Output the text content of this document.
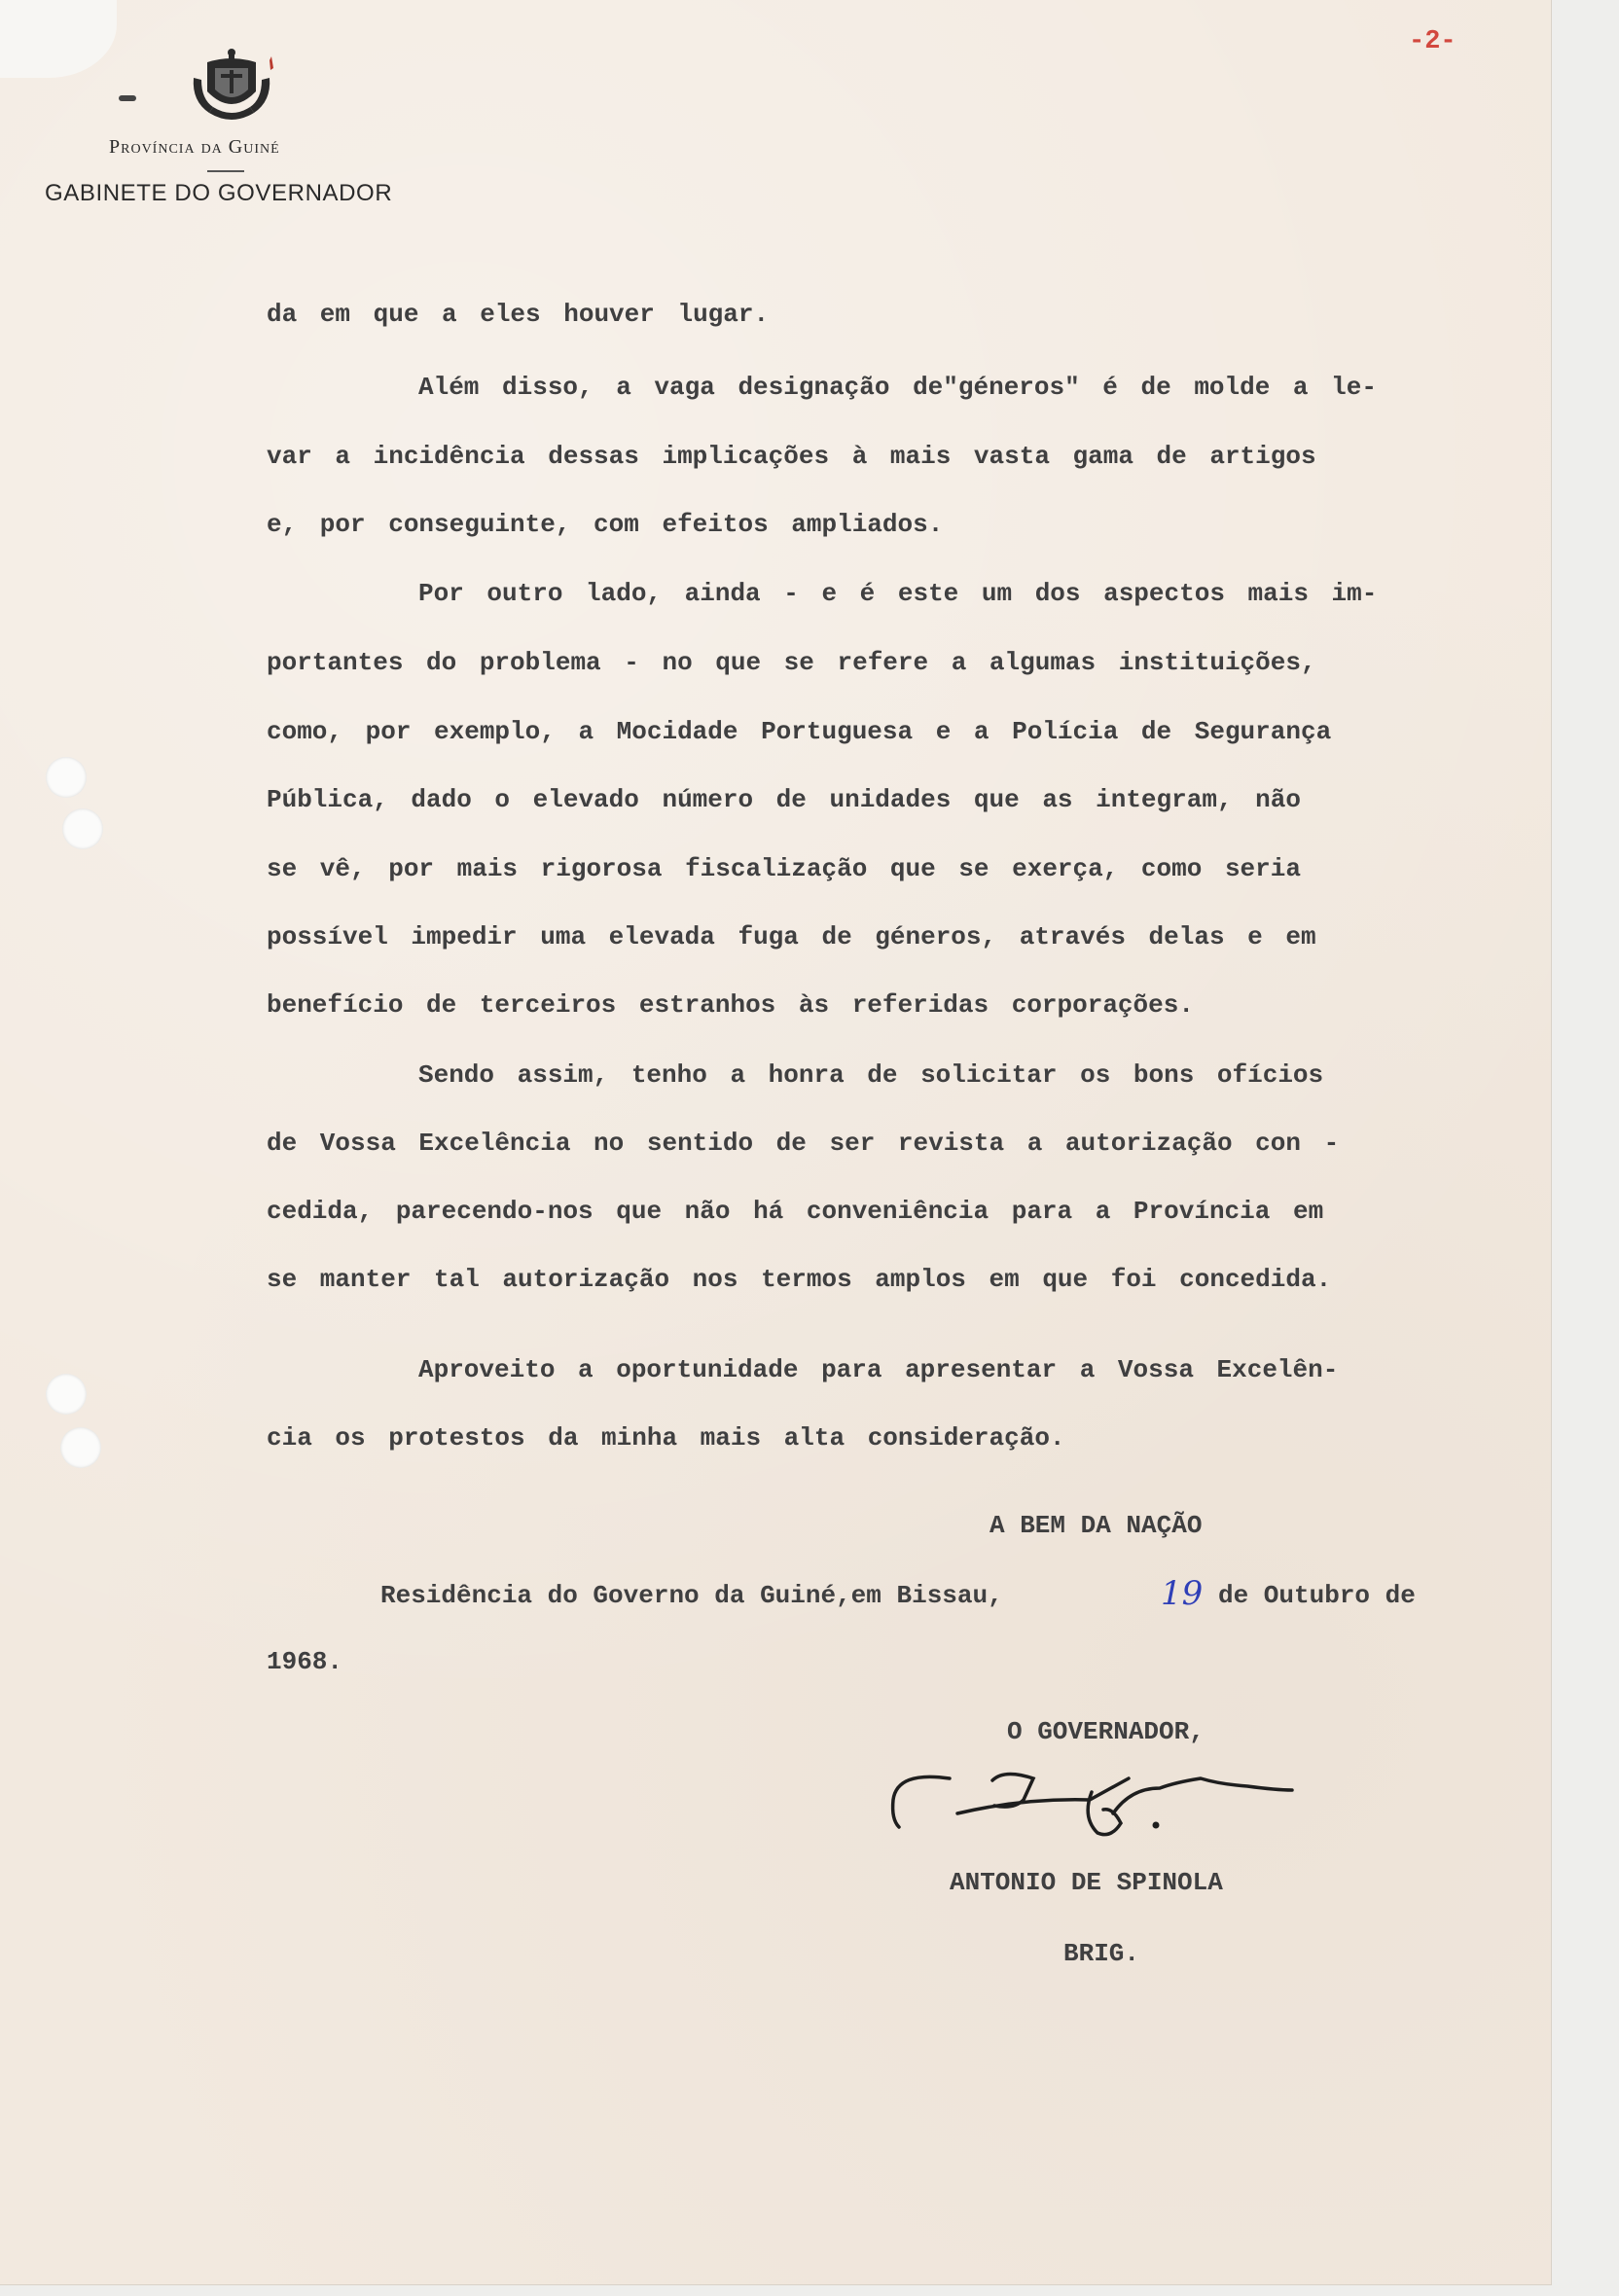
Província da Guiné
GABINETE DO GOVERNADOR
-2-
da em que a eles houver lugar.
Além disso, a vaga designação de"géneros" é de molde a le-
var a incidência dessas implicações à mais vasta gama de artigos
e, por conseguinte, com efeitos ampliados.
Por outro lado, ainda - e é este um dos aspectos mais im-
portantes do problema - no que se refere a algumas instituições,
como, por exemplo, a Mocidade Portuguesa e a Polícia de Segurança
Pública, dado o elevado número de unidades que as integram, não
se vê, por mais rigorosa fiscalização que se exerça, como seria
possível impedir uma elevada fuga de géneros, através delas e em
benefício de terceiros estranhos às referidas corporações.
Sendo assim, tenho a honra de solicitar os bons ofícios
de Vossa Excelência no sentido de ser revista a autorização con -
cedida, parecendo-nos que não há conveniência para a Província em
se manter tal autorização nos termos amplos em que foi concedida.
Aproveito a oportunidade para apresentar a Vossa Excelên-
cia os protestos da minha mais alta consideração.
A BEM DA NAÇÃO
Residência do Governo da Guiné,em Bissau,	19 de Outubro de
1968.
O GOVERNADOR,
ANTONIO DE SPINOLA
BRIG.
